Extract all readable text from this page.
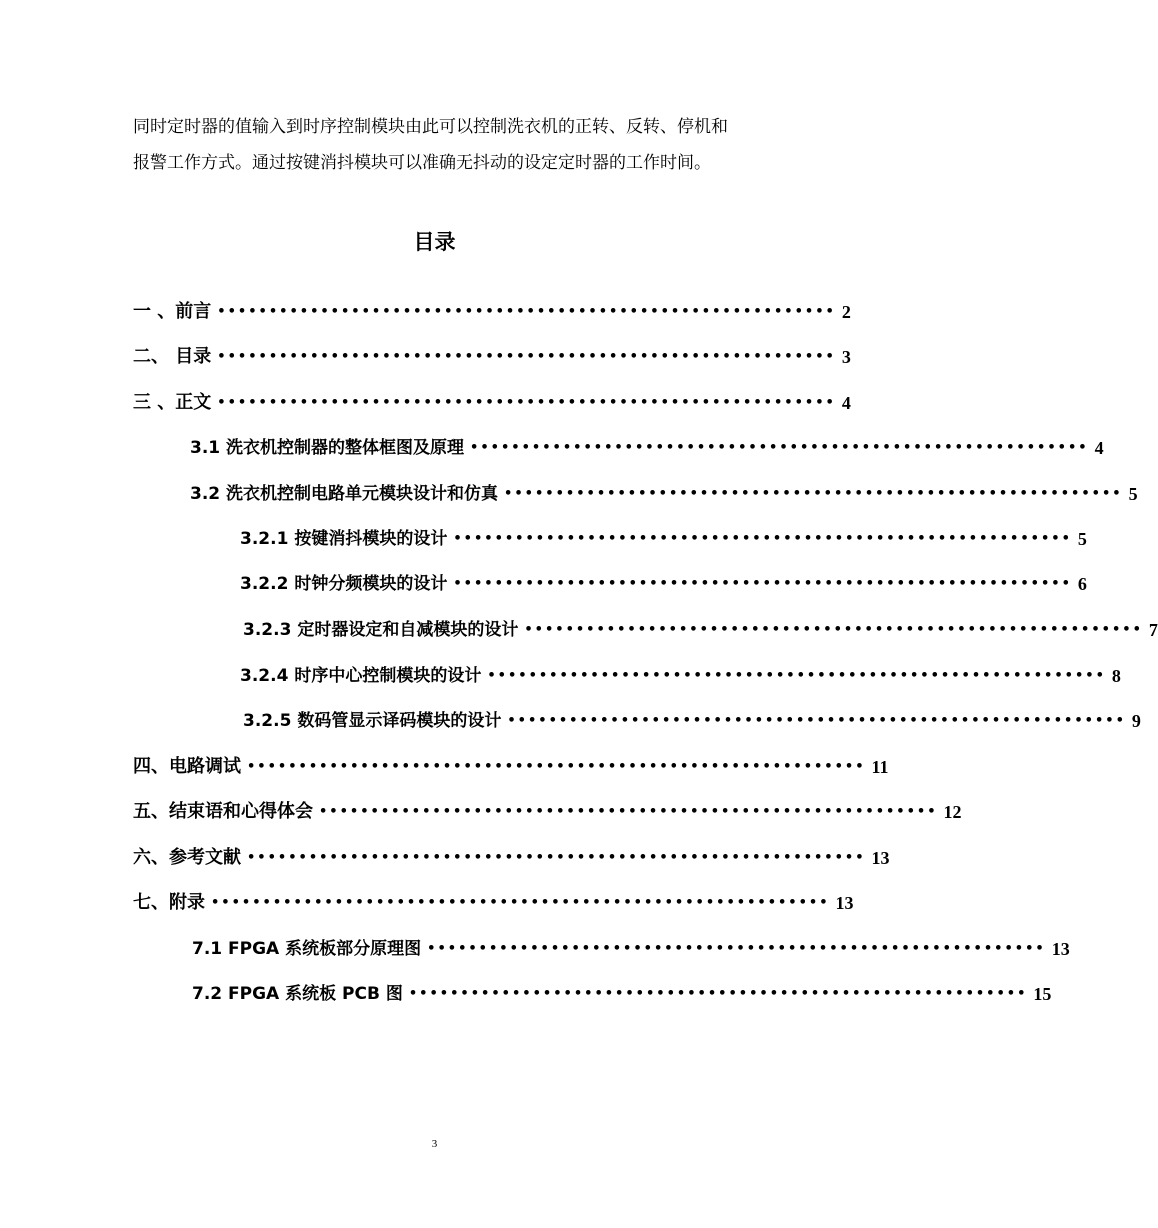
同时定时器的值输入到时序控制模块由此可以控制洗衣机的正转、反转、停机和

报警工作方式。通过按键消抖模块可以准确无抖动的设定定时器的工作时间。

目录
一 、前言 •••••••••••••••••••••••••••••••••••••••••••••••••••••••••••• 2
二、 目录 •••••••••••••••••••••••••••••••••••••••••••••••••••••••••••• 3
三 、正文 •••••••••••••••••••••••••••••••••••••••••••••••••••••••••••• 4
3.1 洗衣机控制器的整体框图及原理 •••••••••••••••••••••••••••••••••••••••••••••••••••••••••••• 4
3.2 洗衣机控制电路单元模块设计和仿真 •••••••••••••••••••••••••••••••••••••••••••••••••••••••••••• 5
3.2.1 按键消抖模块的设计 •••••••••••••••••••••••••••••••••••••••••••••••••••••••••••• 5
3.2.2 时钟分频模块的设计 •••••••••••••••••••••••••••••••••••••••••••••••••••••••••••• 6
3.2.3 定时器设定和自减模块的设计 •••••••••••••••••••••••••••••••••••••••••••••••••••••••••••• 7
3.2.4 时序中心控制模块的设计 •••••••••••••••••••••••••••••••••••••••••••••••••••••••••••• 8
3.2.5 数码管显示译码模块的设计 •••••••••••••••••••••••••••••••••••••••••••••••••••••••••••• 9
四、电路调试 •••••••••••••••••••••••••••••••••••••••••••••••••••••••••••• 11
五、结束语和心得体会 •••••••••••••••••••••••••••••••••••••••••••••••••••••••••••• 12
六、参考文献 •••••••••••••••••••••••••••••••••••••••••••••••••••••••••••• 13
七、附录 •••••••••••••••••••••••••••••••••••••••••••••••••••••••••••• 13
7.1 FPGA 系统板部分原理图 •••••••••••••••••••••••••••••••••••••••••••••••••••••••••••• 13
7.2 FPGA 系统板 PCB 图 •••••••••••••••••••••••••••••••••••••••••••••••••••••••••••• 15
3
